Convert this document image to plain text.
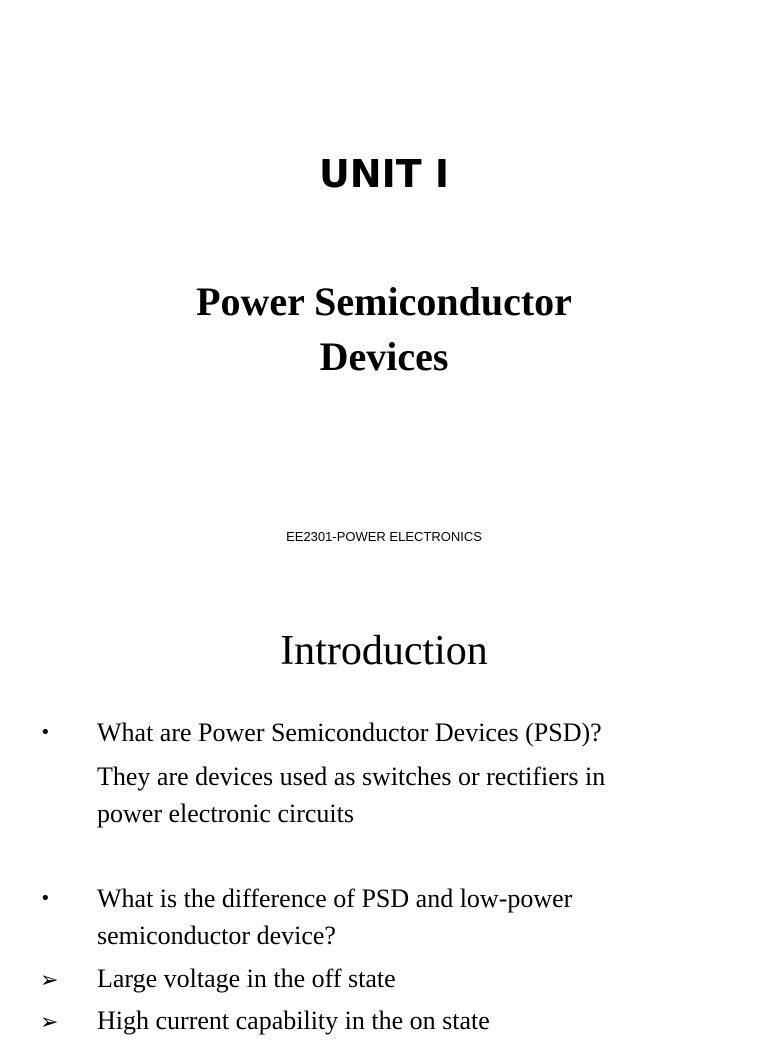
UNIT I
Power Semiconductor
Devices
EE2301-POWER ELECTRONICS
Introduction
•	What are Power Semiconductor Devices (PSD)?
They are devices used as switches or rectifiers in
power electronic circuits
•	What is the difference of PSD and low-power
semiconductor device?
➢	Large voltage in the off state
➢	High current capability in the on state
